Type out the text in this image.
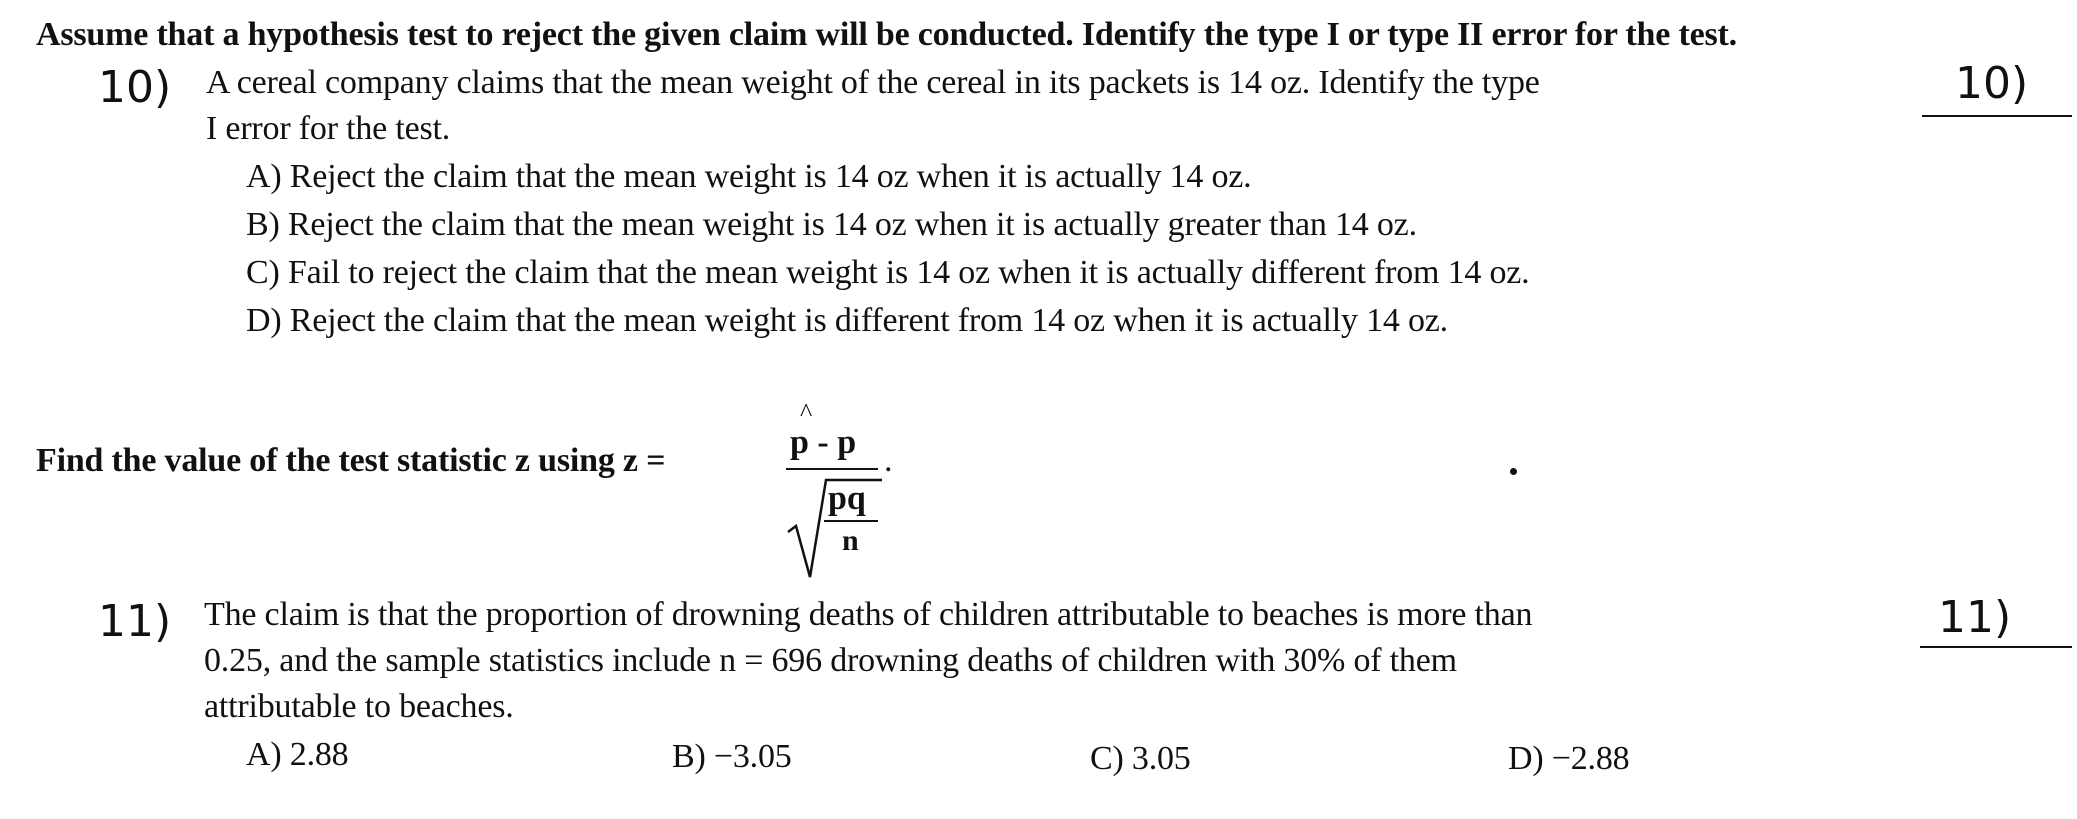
Assume that a hypothesis test to reject the given claim will be conducted. Identify the type I or type II error for the test.
10) A cereal company claims that the mean weight of the cereal in its packets is 14 oz. Identify the type
I error for the test.
10)
A) Reject the claim that the mean weight is 14 oz when it is actually 14 oz.
B) Reject the claim that the mean weight is 14 oz when it is actually greater than 14 oz.
C) Fail to reject the claim that the mean weight is 14 oz when it is actually different from 14 oz.
D) Reject the claim that the mean weight is different from 14 oz when it is actually 14 oz.
Find the value of the test statistic z using z =
^
p - p .
pq
n
11) The claim is that the proportion of drowning deaths of children attributable to beaches is more than
0.25, and the sample statistics include n = 696 drowning deaths of children with 30% of them
attributable to beaches.
11)
A) 2.88	B) −3.05	C) 3.05	D) −2.88
